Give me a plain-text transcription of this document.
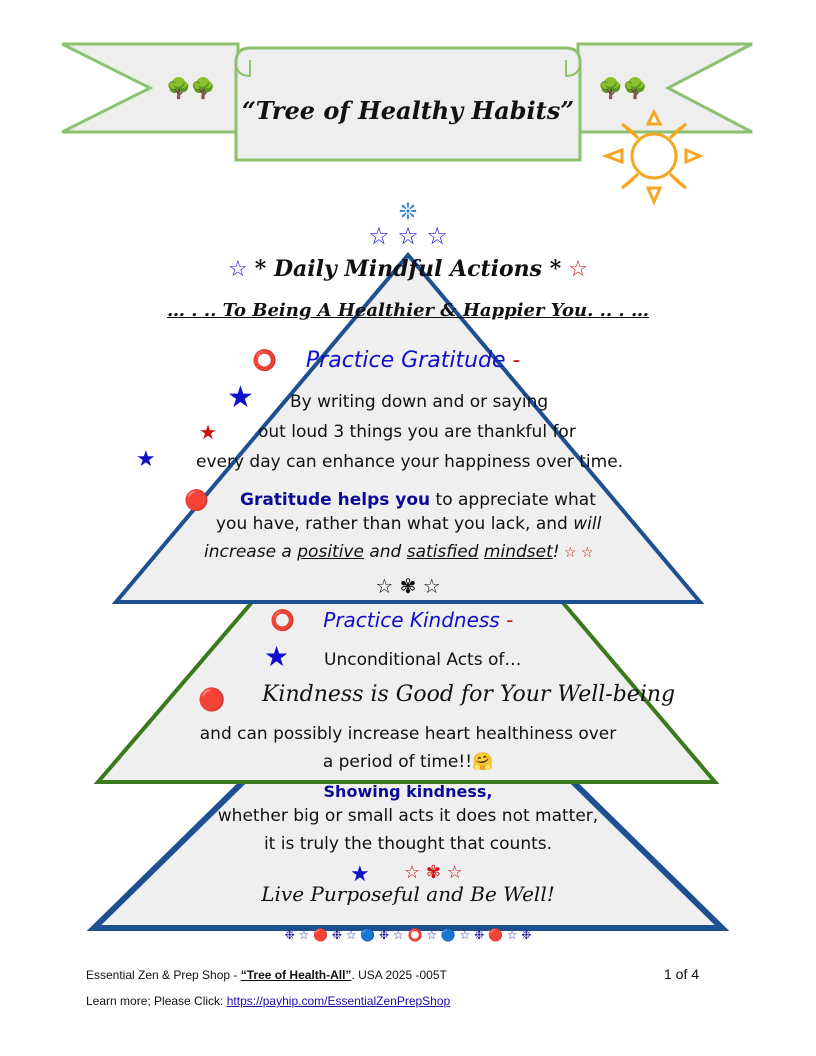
🌳🌳	🌳🌳
“Tree of Healthy Habits”
❊
☆ ☆ ☆
☆ * Daily Mindful Actions * ☆
… . .. To Being A Healthier & Happier You. .. . …
⭕ Practice Gratitude -
★ By writing down and or saying
★ out loud 3 things you are thankful for
★ every day can enhance your happiness over time.
🔴 Gratitude helps you to appreciate what
you have, rather than what you lack, and will
increase a positive and satisfied mindset! ☆ ☆
☆ ✾ ☆
⭕ Practice Kindness -
★ Unconditional Acts of…
🔴 Kindness is Good for Your Well-being
and can possibly increase heart healthiness over
a period of time!!🤗
Showing kindness,
whether big or small acts it does not matter,
it is truly the thought that counts.
★ ☆ ✾ ☆
Live Purposeful and Be Well!
❉ ☆ 🔴 ❉ ☆ 🔵 ❉ ☆ ⭕ ☆ 🔵 ☆ ❉ 🔴 ☆ ❉
Essential Zen & Prep Shop - “Tree of Health-All”. USA 2025 -005T	1 of 4
Learn more; Please Click: https://payhip.com/EssentialZenPrepShop
